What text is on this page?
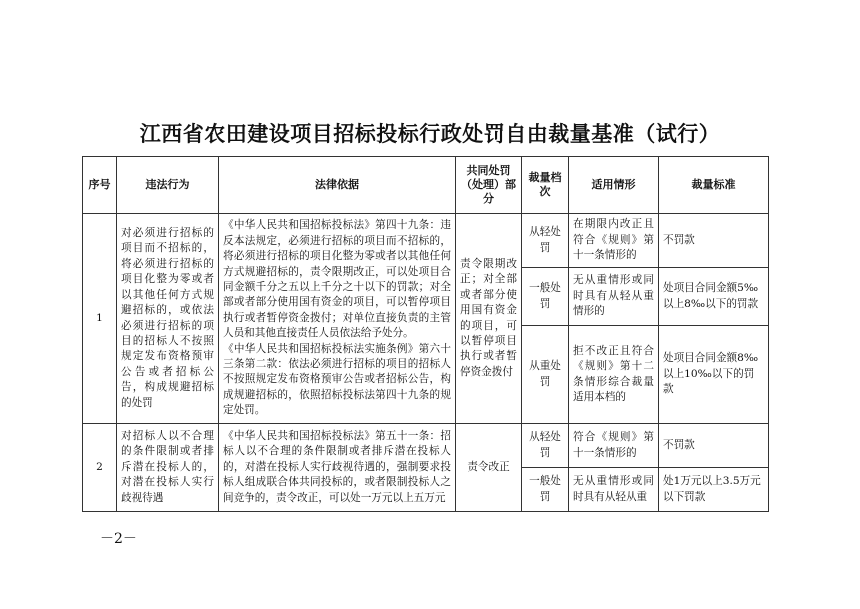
江西省农田建设项目招标投标行政处罚自由裁量基准（试行）
序号	违法行为	法律依据	共同处罚（处理）部　　分	裁量档次	适用情形	裁量标准
1	对必须进行招标的项目而不招标的，将必须进行招标的项目化整为零或者以其他任何方式规避招标的，或依法必须进行招标的项目的招标人不按照规定发布资格预审公告或者招标公告，构成规避招标的处罚	《中华人民共和国招标投标法》第四十九条：违反本法规定，必须进行招标的项目而不招标的，将必须进行招标的项目化整为零或者以其他任何方式规避招标的，责令限期改正，可以处项目合同金额千分之五以上千分之十以下的罚款；对全部或者部分使用国有资金的项目，可以暂停项目执行或者暂停资金拨付；对单位直接负责的主管人员和其他直接责任人员依法给予处分。
《中华人民共和国招标投标法实施条例》第六十三条第二款：依法必须进行招标的项目的招标人不按照规定发布资格预审公告或者招标公告，构成规避招标的，依照招标投标法第四十九条的规定处罚。	责令限期改正；对全部或者部分使用国有资金的项目，可以暂停项目执行或者暂停资金拨付	从轻处罚	在期限内改正且符合《规则》第十一条情形的	不罚款
				一般处罚	无从重情形或同时具有从轻从重情形的	处项目合同金额5‰以上8‰以下的罚款
				从重处罚	拒不改正且符合《规则》第十二条情形综合裁量适用本档的	处项目合同金额8‰以上10‰以下的罚款
2	对招标人以不合理的条件限制或者排斥潜在投标人的，对潜在投标人实行歧视待遇	《中华人民共和国招标投标法》第五十一条：招标人以不合理的条件限制或者排斥潜在投标人的，对潜在投标人实行歧视待遇的，强制要求投标人组成联合体共同投标的，或者限制投标人之间竞争的，责令改正，可以处一万元以上五万元	责令改正	从轻处罚	符合《规则》第十一条情形的	不罚款
				一般处罚	无从重情形或同时具有从轻从重	处1万元以上3.5万元以下罚款
－2－
